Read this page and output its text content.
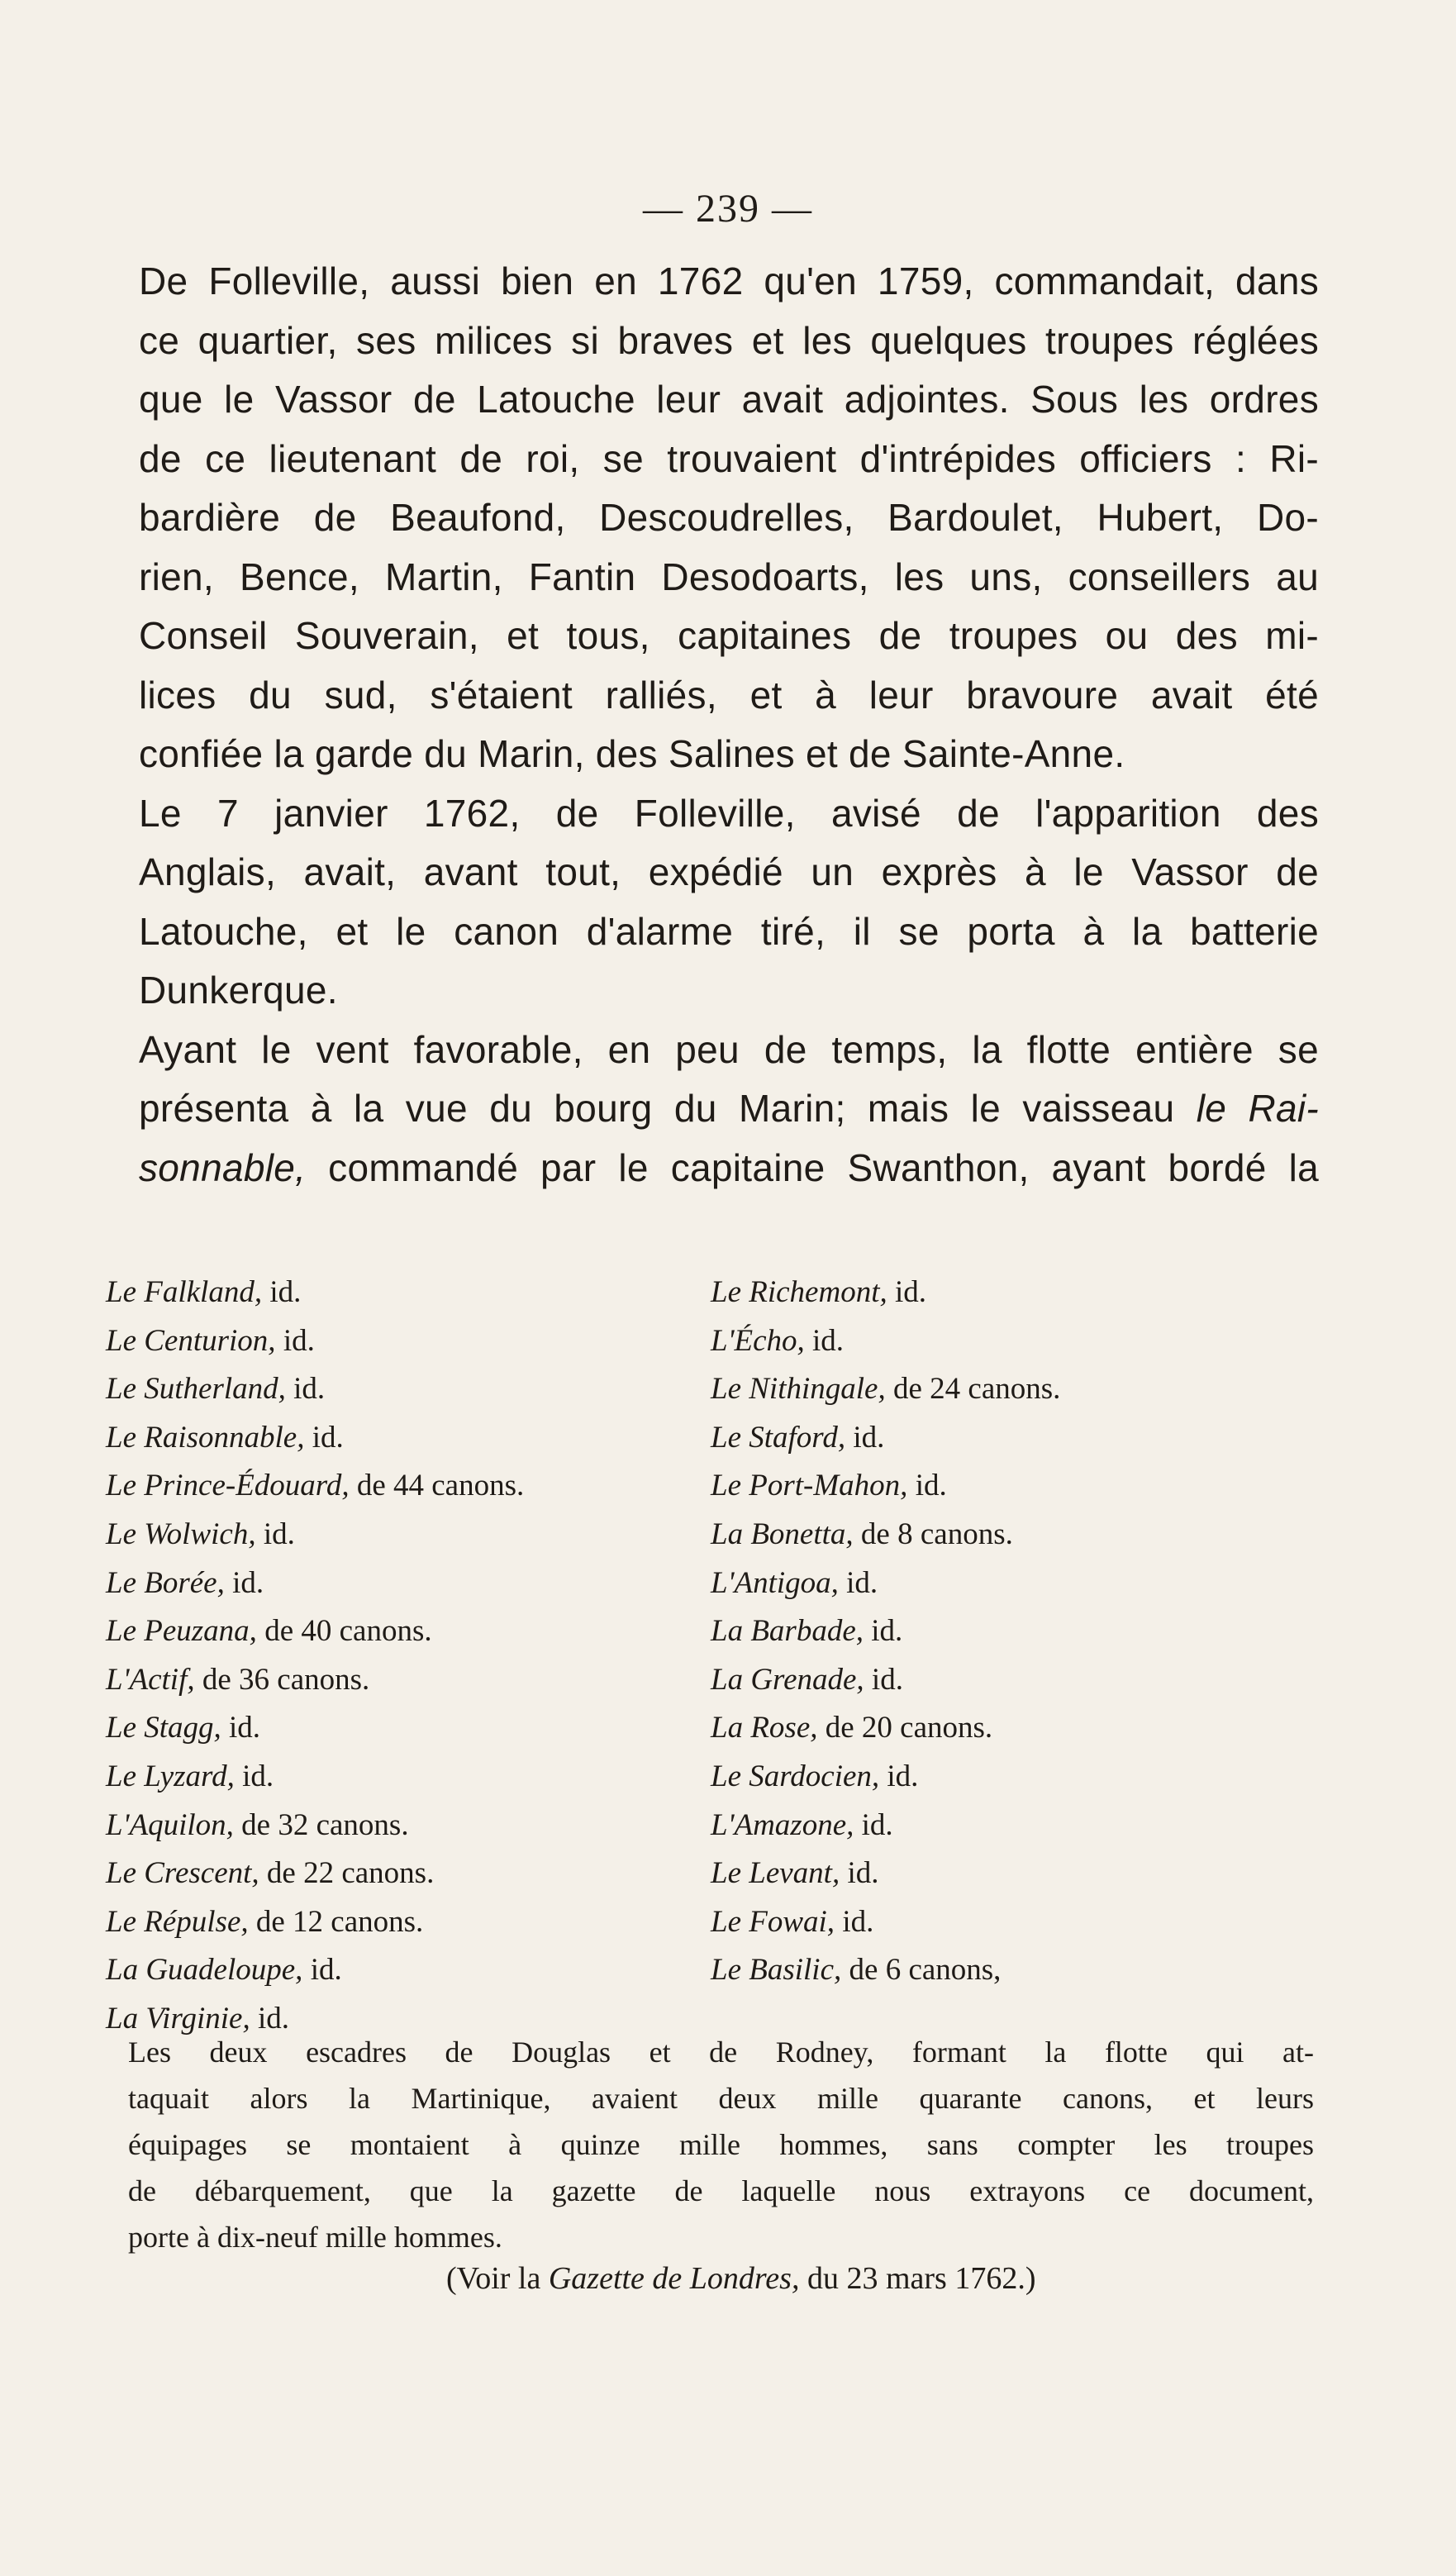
— 239 —
De Folleville, aussi bien en 1762 qu'en 1759, commandait, dans
ce quartier, ses milices si braves et les quelques troupes réglées
que le Vassor de Latouche leur avait adjointes. Sous les ordres
de ce lieutenant de roi, se trouvaient d'intrépides officiers : Ri-
bardière de Beaufond, Descoudrelles, Bardoulet, Hubert, Do-
rien, Bence, Martin, Fantin Desodoarts, les uns, conseillers au
Conseil Souverain, et tous, capitaines de troupes ou des mi-
lices du sud, s'étaient ralliés, et à leur bravoure avait été
confiée la garde du Marin, des Salines et de Sainte-Anne.
Le 7 janvier 1762, de Folleville, avisé de l'apparition des
Anglais, avait, avant tout, expédié un exprès à le Vassor de
Latouche, et le canon d'alarme tiré, il se porta à la batterie
Dunkerque.
Ayant le vent favorable, en peu de temps, la flotte entière se
présenta à la vue du bourg du Marin; mais le vaisseau le Rai-
sonnable, commandé par le capitaine Swanthon, ayant bordé la
Le Falkland, id.
Le Centurion, id.
Le Sutherland, id.
Le Raisonnable, id.
Le Prince-Édouard, de 44 canons.
Le Wolwich, id.
Le Borée, id.
Le Peuzana, de 40 canons.
L'Actif, de 36 canons.
Le Stagg, id.
Le Lyzard, id.
L'Aquilon, de 32 canons.
Le Crescent, de 22 canons.
Le Répulse, de 12 canons.
La Guadeloupe, id.
La Virginie, id.
Le Richemont, id.
L'Écho, id.
Le Nithingale, de 24 canons.
Le Staford, id.
Le Port-Mahon, id.
La Bonetta, de 8 canons.
L'Antigoa, id.
La Barbade, id.
La Grenade, id.
La Rose, de 20 canons.
Le Sardocien, id.
L'Amazone, id.
Le Levant, id.
Le Fowai, id.
Le Basilic, de 6 canons,
Les deux escadres de Douglas et de Rodney, formant la flotte qui at-
taquait alors la Martinique, avaient deux mille quarante canons, et leurs
équipages se montaient à quinze mille hommes, sans compter les troupes
de débarquement, que la gazette de laquelle nous extrayons ce document,
porte à dix-neuf mille hommes.
(Voir la Gazette de Londres, du 23 mars 1762.)
